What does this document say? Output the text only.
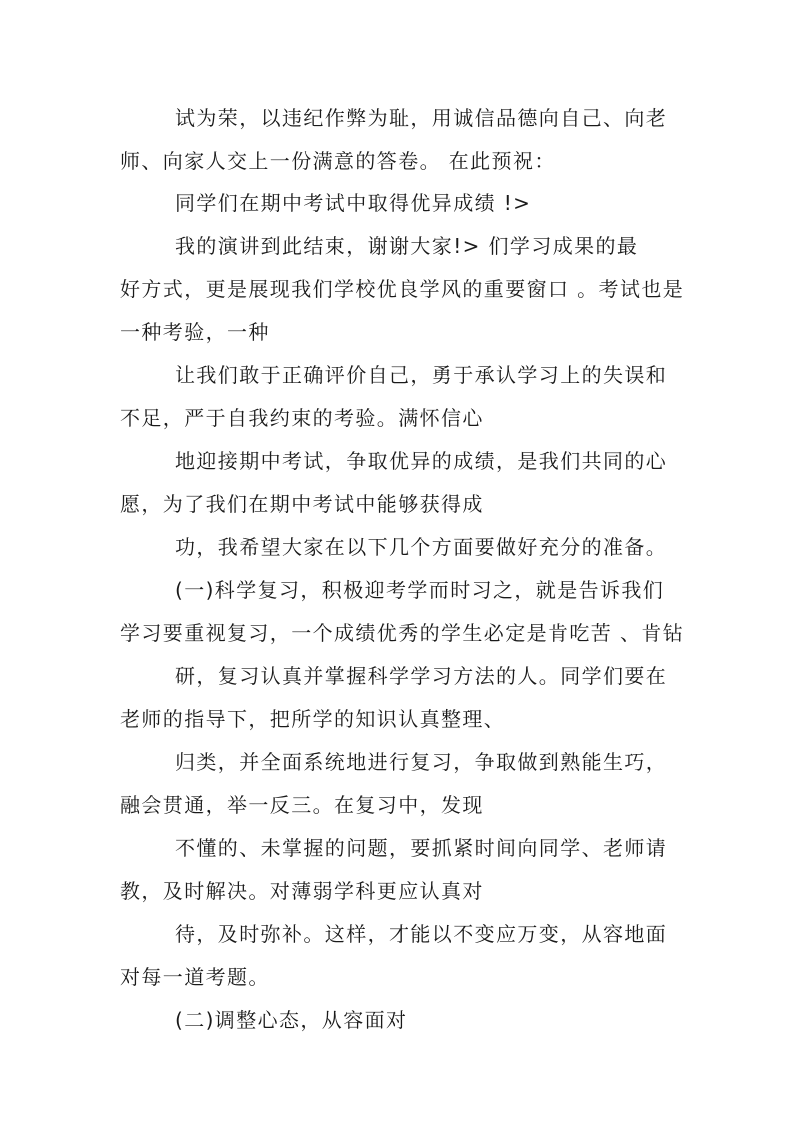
试为荣，以违纪作弊为耻，用诚信品德向自己、向老
师、向家人交上一份满意的答卷。 在此预祝：
同学们在期中考试中取得优异成绩 !>
我的演讲到此结束，谢谢大家!> 们学习成果的最
好方式，更是展现我们学校优良学风的重要窗口 。考试也是
一种考验，一种
让我们敢于正确评价自己，勇于承认学习上的失误和
不足，严于自我约束的考验。满怀信心
地迎接期中考试，争取优异的成绩，是我们共同的心
愿，为了我们在期中考试中能够获得成
功，我希望大家在以下几个方面要做好充分的准备。
(一)科学复习，积极迎考学而时习之，就是告诉我们
学习要重视复习，一个成绩优秀的学生必定是肯吃苦 、肯钻
研，复习认真并掌握科学学习方法的人。同学们要在
老师的指导下，把所学的知识认真整理、
归类，并全面系统地进行复习，争取做到熟能生巧，
融会贯通，举一反三。在复习中，发现
不懂的、未掌握的问题，要抓紧时间向同学、老师请
教，及时解决。对薄弱学科更应认真对
待，及时弥补。这样，才能以不变应万变，从容地面
对每一道考题。
(二)调整心态，从容面对
